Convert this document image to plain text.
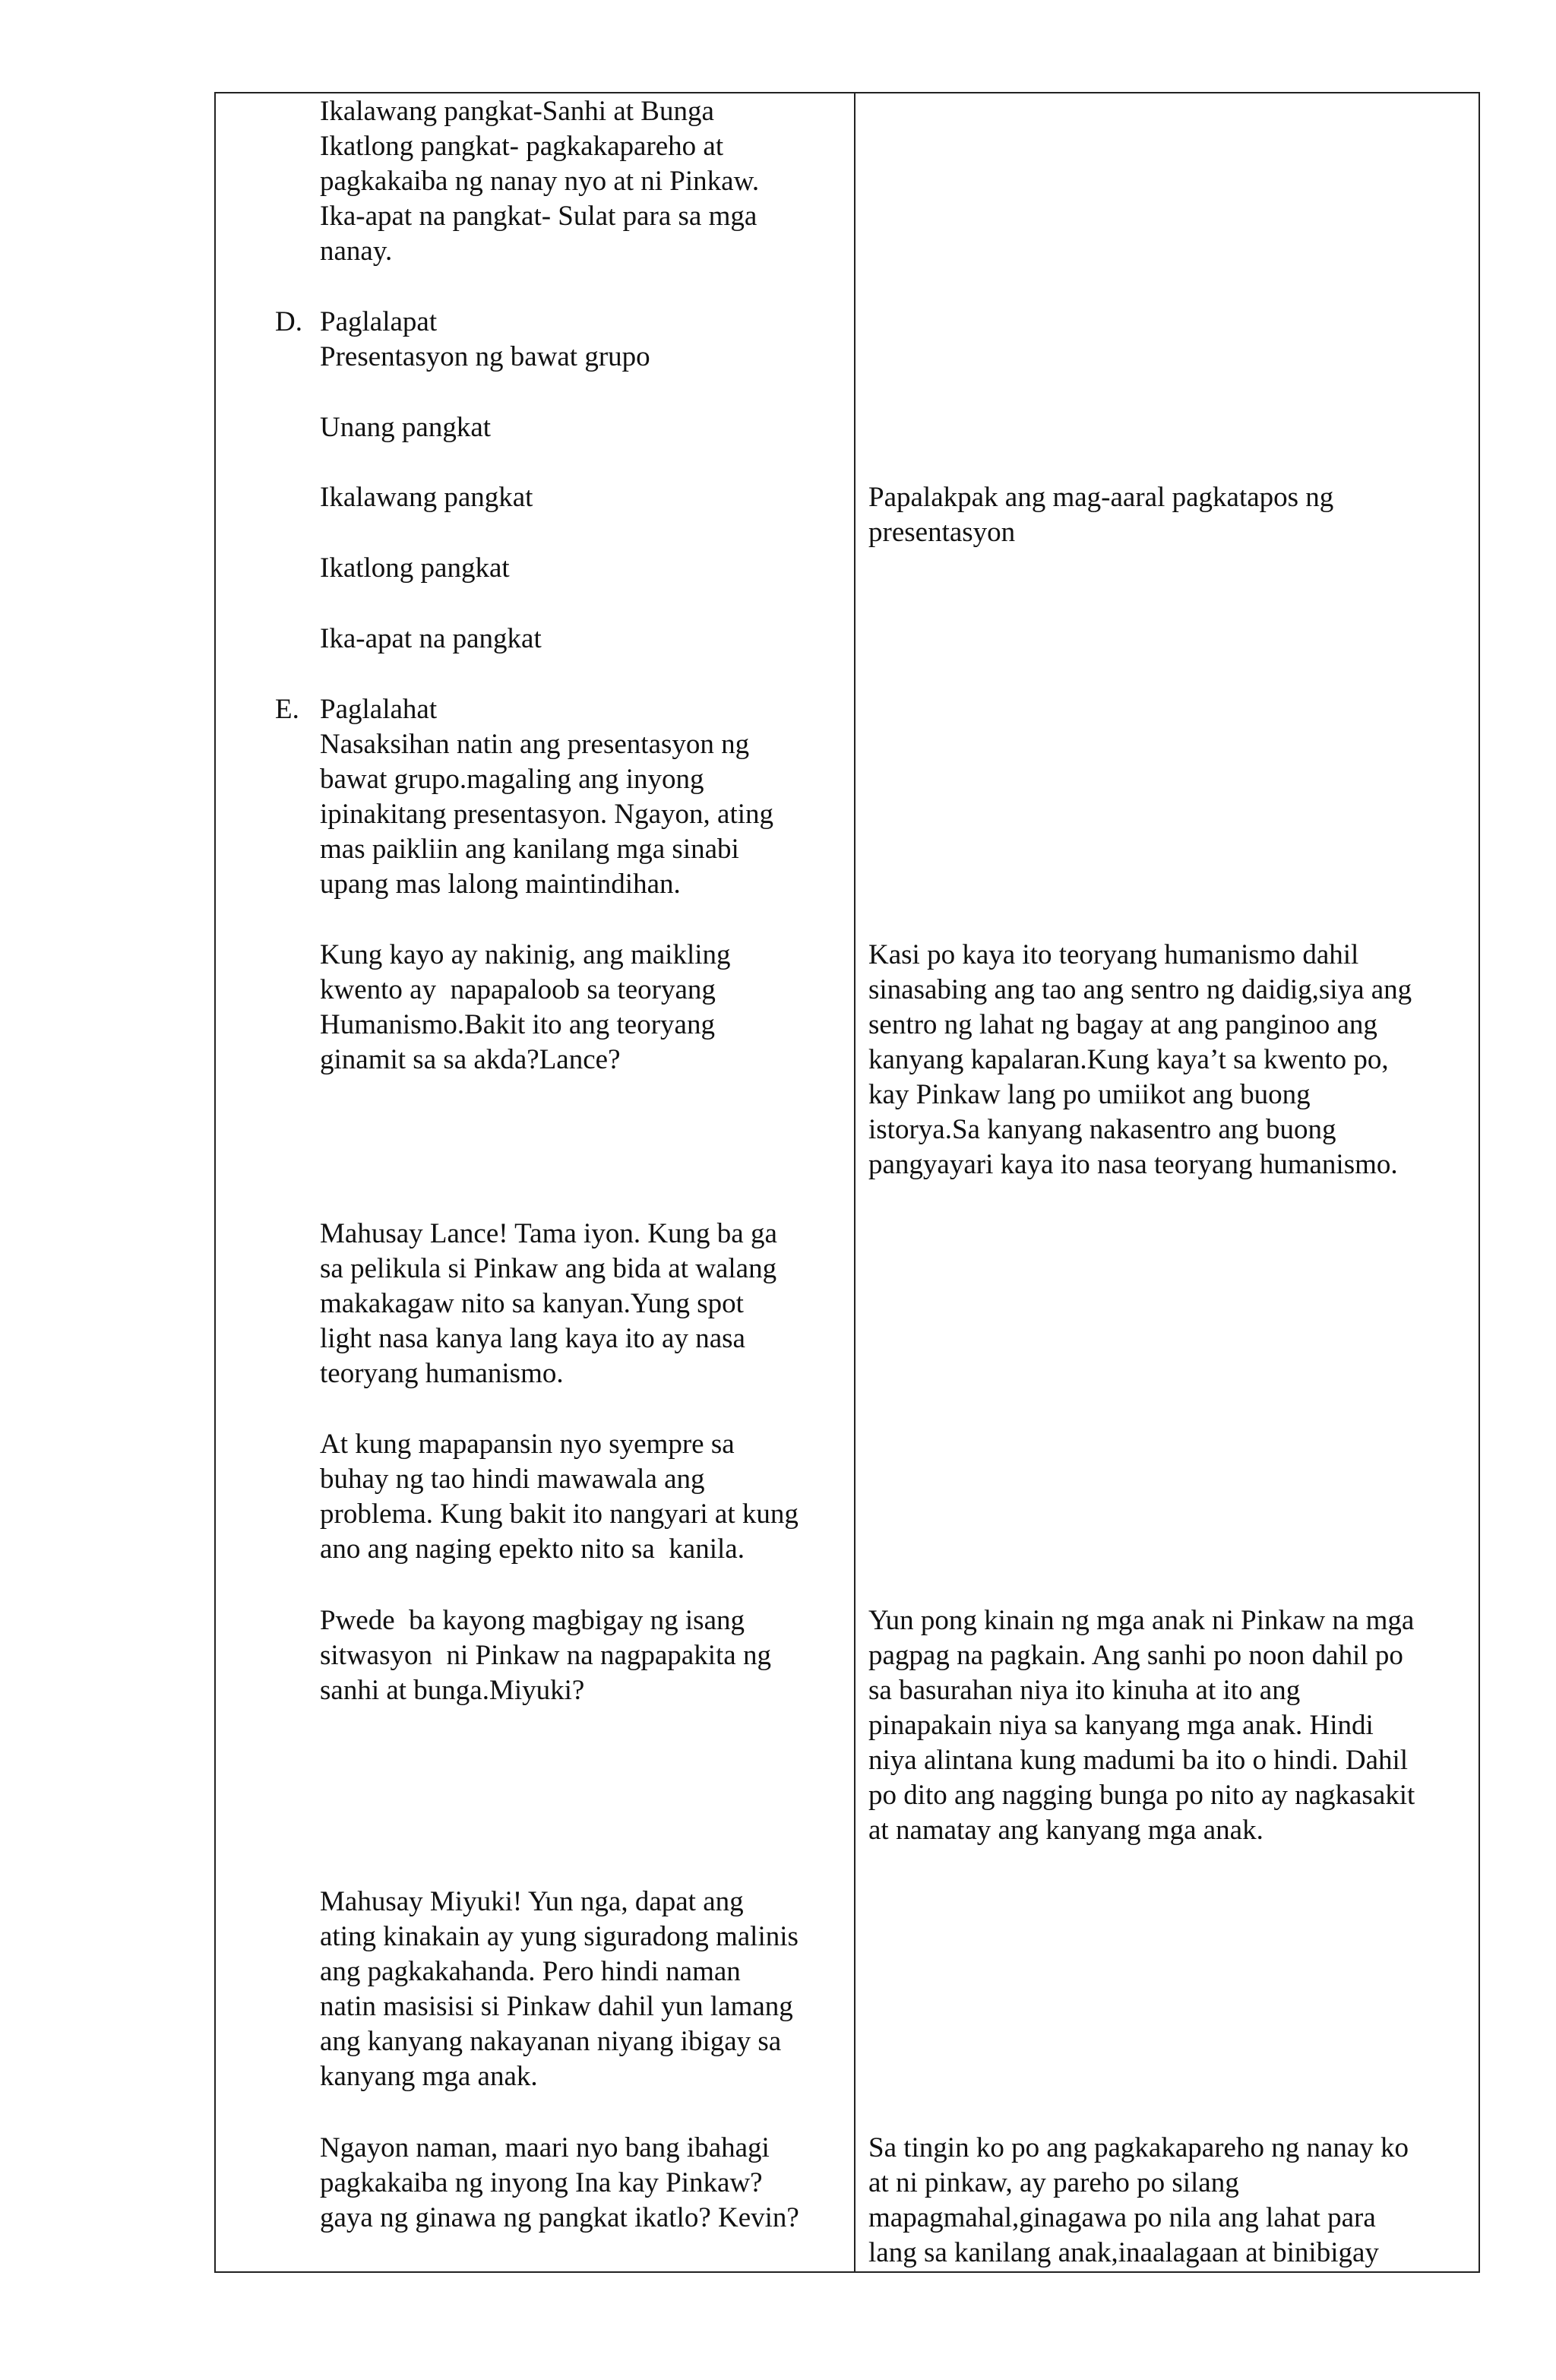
Ikalawang pangkat-Sanhi at Bunga
Ikatlong pangkat- pagkakapareho at
pagkakaiba ng nanay nyo at ni Pinkaw.
Ika-apat na pangkat- Sulat para sa mga
nanay.
D. Paglalapat
Presentasyon ng bawat grupo
Unang pangkat
Ikalawang pangkat
Ikatlong pangkat
Ika-apat na pangkat
E. Paglalahat
Nasaksihan natin ang presentasyon ng
bawat grupo.magaling ang inyong
ipinakitang presentasyon. Ngayon, ating
mas paikliin ang kanilang mga sinabi
upang mas lalong maintindihan.
Kung kayo ay nakinig, ang maikling
kwento ay  napapaloob sa teoryang
Humanismo.Bakit ito ang teoryang
ginamit sa sa akda?Lance?
Mahusay Lance! Tama iyon. Kung ba ga
sa pelikula si Pinkaw ang bida at walang
makakagaw nito sa kanyan.Yung spot
light nasa kanya lang kaya ito ay nasa
teoryang humanismo.
At kung mapapansin nyo syempre sa
buhay ng tao hindi mawawala ang
problema. Kung bakit ito nangyari at kung
ano ang naging epekto nito sa  kanila.
Pwede  ba kayong magbigay ng isang
sitwasyon  ni Pinkaw na nagpapakita ng
sanhi at bunga.Miyuki?
Mahusay Miyuki! Yun nga, dapat ang
ating kinakain ay yung siguradong malinis
ang pagkakahanda. Pero hindi naman
natin masisisi si Pinkaw dahil yun lamang
ang kanyang nakayanan niyang ibigay sa
kanyang mga anak.
Ngayon naman, maari nyo bang ibahagi
pagkakaiba ng inyong Ina kay Pinkaw?
gaya ng ginawa ng pangkat ikatlo? Kevin?
Papalakpak ang mag-aaral pagkatapos ng
presentasyon
Kasi po kaya ito teoryang humanismo dahil
sinasabing ang tao ang sentro ng daidig,siya ang
sentro ng lahat ng bagay at ang panginoo ang
kanyang kapalaran.Kung kaya’t sa kwento po,
kay Pinkaw lang po umiikot ang buong
istorya.Sa kanyang nakasentro ang buong
pangyayari kaya ito nasa teoryang humanismo.
Yun pong kinain ng mga anak ni Pinkaw na mga
pagpag na pagkain. Ang sanhi po noon dahil po
sa basurahan niya ito kinuha at ito ang
pinapakain niya sa kanyang mga anak. Hindi
niya alintana kung madumi ba ito o hindi. Dahil
po dito ang nagging bunga po nito ay nagkasakit
at namatay ang kanyang mga anak.
Sa tingin ko po ang pagkakapareho ng nanay ko
at ni pinkaw, ay pareho po silang
mapagmahal,ginagawa po nila ang lahat para
lang sa kanilang anak,inaalagaan at binibigay
